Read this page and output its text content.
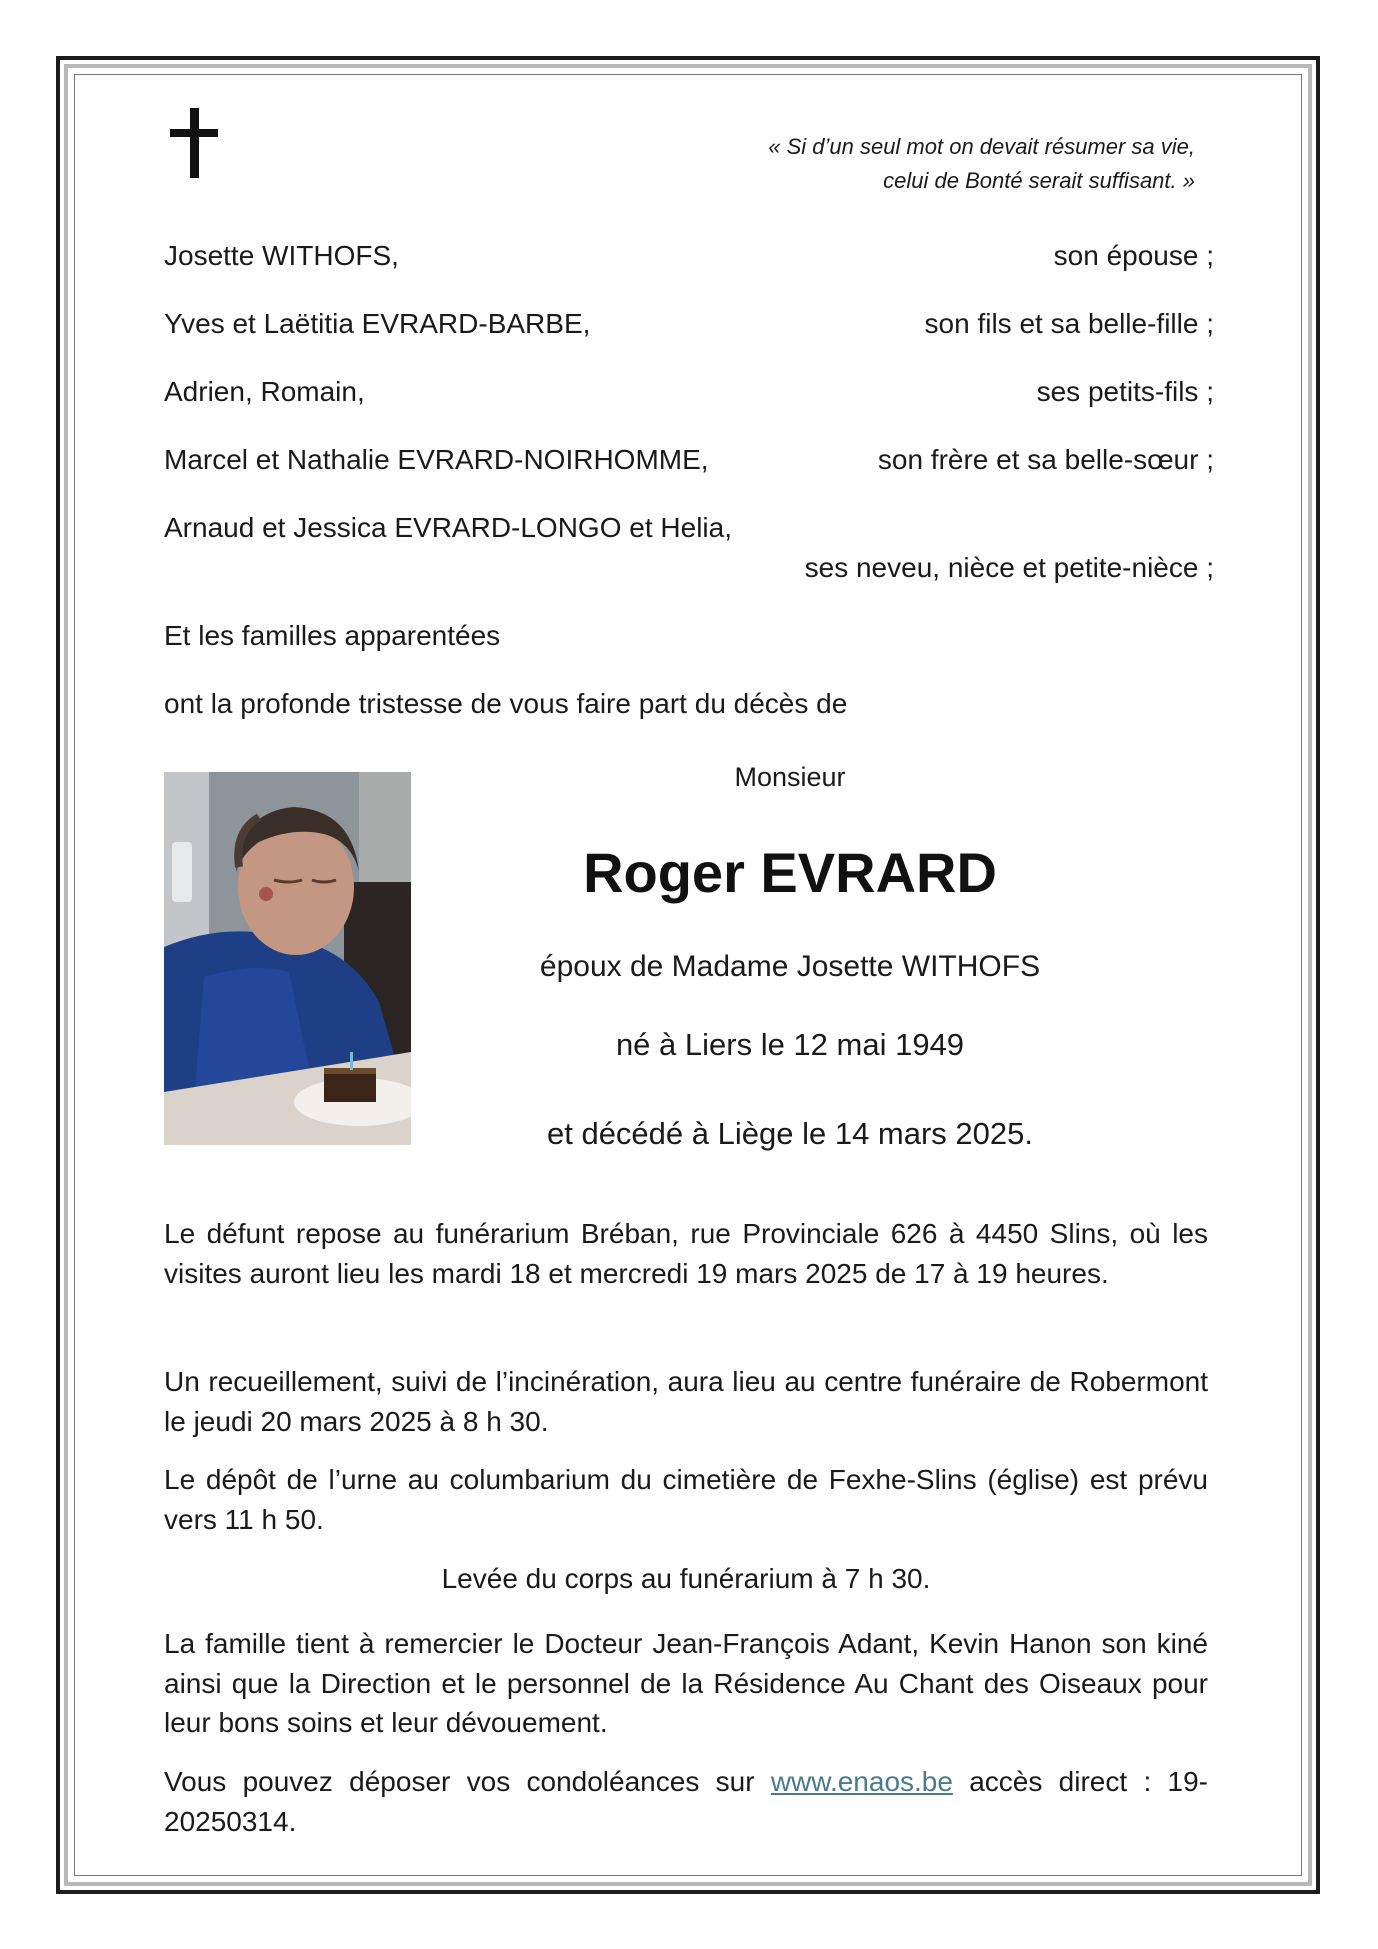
« Si d’un seul mot on devait résumer sa vie,
celui de Bonté serait suffisant. »
Josette WITHOFS,	son épouse ;
Yves et Laëtitia EVRARD-BARBE,	son fils et sa belle-fille ;
Adrien, Romain,	ses petits-fils ;
Marcel et Nathalie EVRARD-NOIRHOMME,	son frère et sa belle-sœur ;
Arnaud et Jessica EVRARD-LONGO et Helia,
ses neveu, nièce et petite-nièce ;
Et les familles apparentées
ont la profonde tristesse de vous faire part du décès de
Monsieur
Roger EVRARD
époux de Madame Josette WITHOFS
né à Liers le 12 mai 1949
et décédé à Liège le 14 mars 2025.
Le défunt repose au funérarium Bréban, rue Provinciale 626 à 4450 Slins, où les visites auront lieu les mardi 18 et mercredi 19 mars 2025 de 17 à 19 heures.
Un recueillement, suivi de l’incinération, aura lieu au centre funéraire de Robermont le jeudi 20 mars 2025 à 8 h 30.
Le dépôt de l’urne au columbarium du cimetière de Fexhe-Slins (église) est prévu vers 11 h 50.
Levée du corps au funérarium à 7 h 30.
La famille tient à remercier le Docteur Jean-François Adant, Kevin Hanon son kiné ainsi que la Direction et le personnel de la Résidence Au Chant des Oiseaux pour leur bons soins et leur dévouement.
Vous pouvez déposer vos condoléances sur www.enaos.be accès direct : 19-20250314.
